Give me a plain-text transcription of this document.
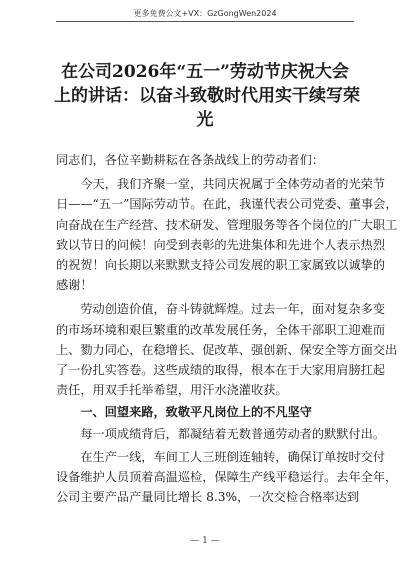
更多免费公文+VX：GzGongWen2024
在公司2026年“五一”劳动节庆祝大会
上的讲话：以奋斗致敬时代用实干续写荣
光

同志们，各位辛勤耕耘在各条战线上的劳动者们：

　　今天，我们齐聚一堂，共同庆祝属于全体劳动者的光荣节
日——“五一”国际劳动节。在此，我谨代表公司党委、董事会，
向奋战在生产经营、技术研发、管理服务等各个岗位的广大职工
致以节日的问候！向受到表彰的先进集体和先进个人表示热烈
的祝贺！向长期以来默默支持公司发展的职工家属致以诚挚的
感谢！

　　劳动创造价值，奋斗铸就辉煌。过去一年，面对复杂多变
的市场环境和艰巨繁重的改革发展任务，全体干部职工迎难而
上、勠力同心，在稳增长、促改革、强创新、保安全等方面交出
了一份扎实答卷。这些成绩的取得，根本在于大家用肩膀扛起
责任，用双手托举希望，用汗水浇灌收获。

　　一、回望来路，致敬平凡岗位上的不凡坚守

　　每一项成绩背后，都凝结着无数普通劳动者的默默付出。

　　在生产一线，车间工人三班倒连轴转，确保订单按时交付
设备维护人员顶着高温巡检，保障生产线平稳运行。去年全年，
公司主要产品产量同比增长 8.3%，一次交检合格率达到

— 1 —
